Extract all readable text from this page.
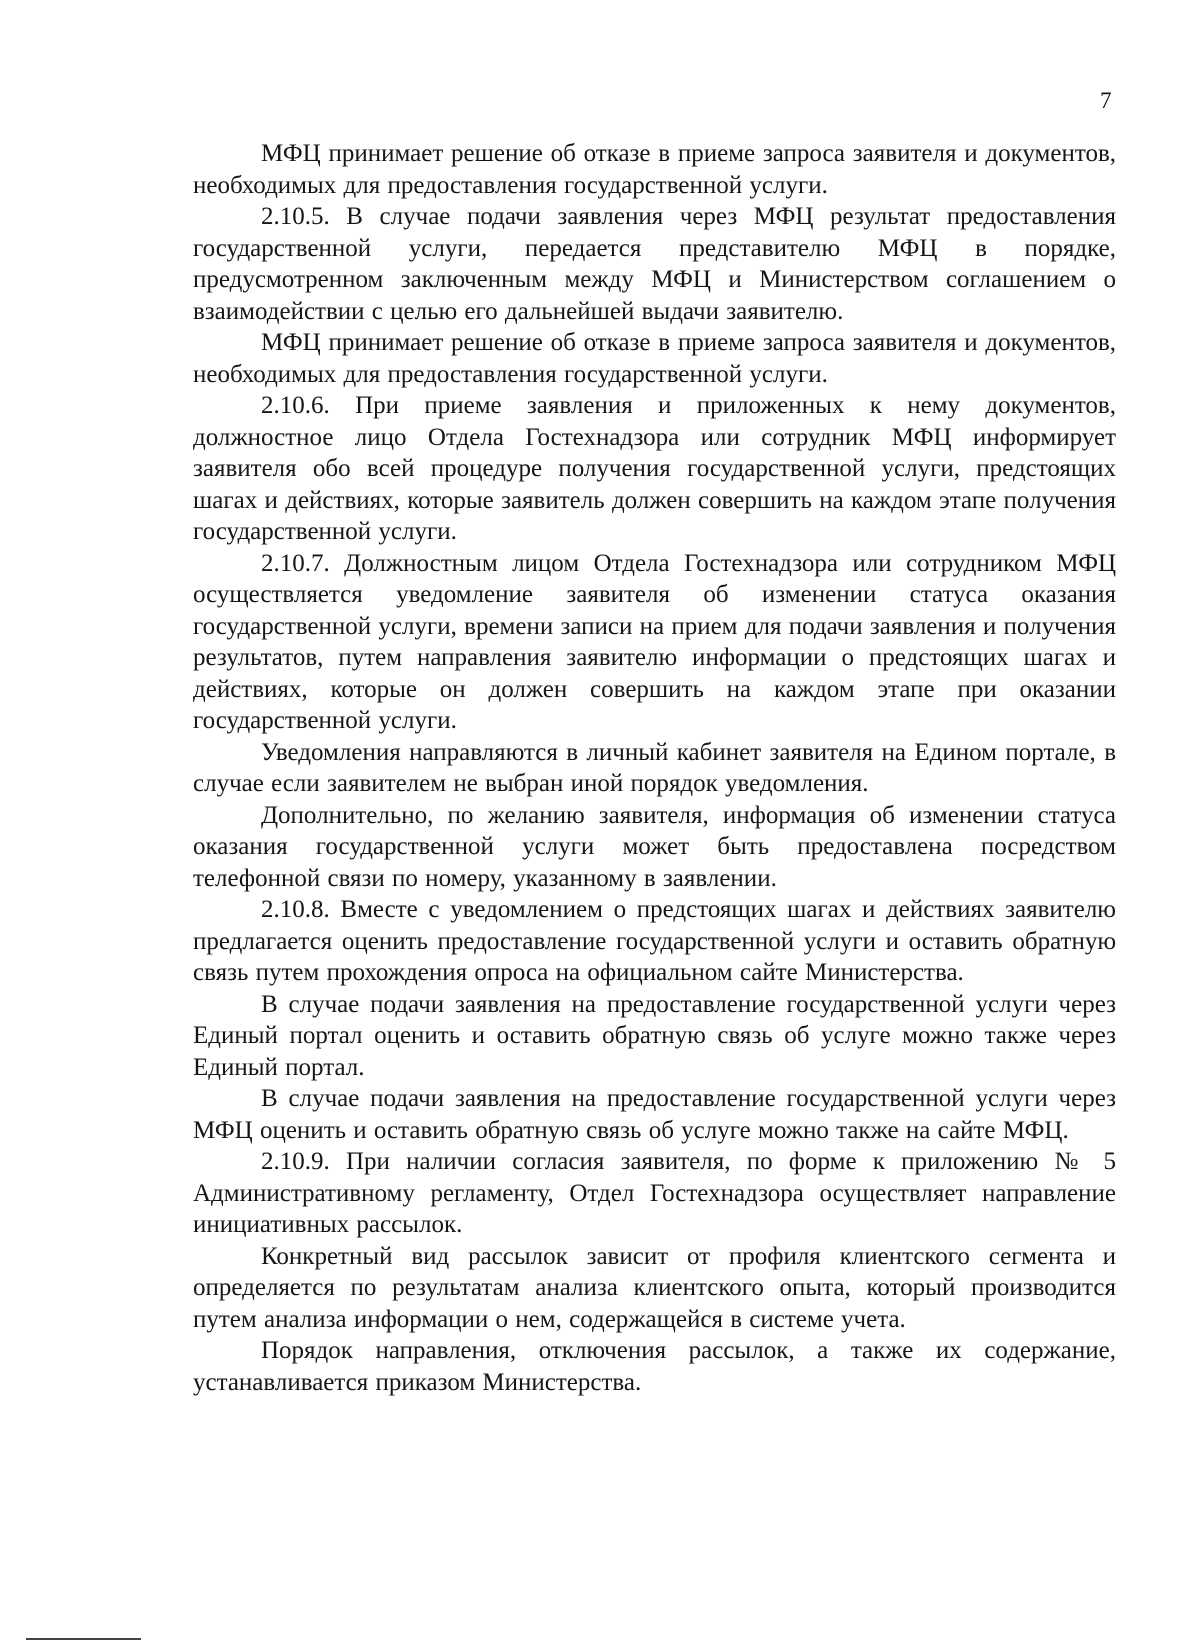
7

МФЦ принимает решение об отказе в приеме запроса заявителя и документов, необходимых для предоставления государственной услуги.

2.10.5. В случае подачи заявления через МФЦ результат предоставления государственной услуги, передается представителю МФЦ в порядке, предусмотренном заключенным между МФЦ и Министерством соглашением о взаимодействии с целью его дальнейшей выдачи заявителю.

МФЦ принимает решение об отказе в приеме запроса заявителя и документов, необходимых для предоставления государственной услуги.

2.10.6. При приеме заявления и приложенных к нему документов, должностное лицо Отдела Гостехнадзора или сотрудник МФЦ информирует заявителя обо всей процедуре получения государственной услуги, предстоящих шагах и действиях, которые заявитель должен совершить на каждом этапе получения государственной услуги.

2.10.7. Должностным лицом Отдела Гостехнадзора или сотрудником МФЦ осуществляется уведомление заявителя об изменении статуса оказания государственной услуги, времени записи на прием для подачи заявления и получения результатов, путем направления заявителю информации о предстоящих шагах и действиях, которые он должен совершить на каждом этапе при оказании государственной услуги.

Уведомления направляются в личный кабинет заявителя на Едином портале, в случае если заявителем не выбран иной порядок уведомления.

Дополнительно, по желанию заявителя, информация об изменении статуса оказания государственной услуги может быть предоставлена посредством телефонной связи по номеру, указанному в заявлении.

2.10.8. Вместе с уведомлением о предстоящих шагах и действиях заявителю предлагается оценить предоставление государственной услуги и оставить обратную связь путем прохождения опроса на официальном сайте Министерства.

В случае подачи заявления на предоставление государственной услуги через Единый портал оценить и оставить обратную связь об услуге можно также через Единый портал.

В случае подачи заявления на предоставление государственной услуги через МФЦ оценить и оставить обратную связь об услуге можно также на сайте МФЦ.

2.10.9. При наличии согласия заявителя, по форме к приложению № 5 Административному регламенту, Отдел Гостехнадзора осуществляет направление инициативных рассылок.

Конкретный вид рассылок зависит от профиля клиентского сегмента и определяется по результатам анализа клиентского опыта, который производится путем анализа информации о нем, содержащейся в системе учета.

Порядок направления, отключения рассылок, а также их содержание, устанавливается приказом Министерства.
